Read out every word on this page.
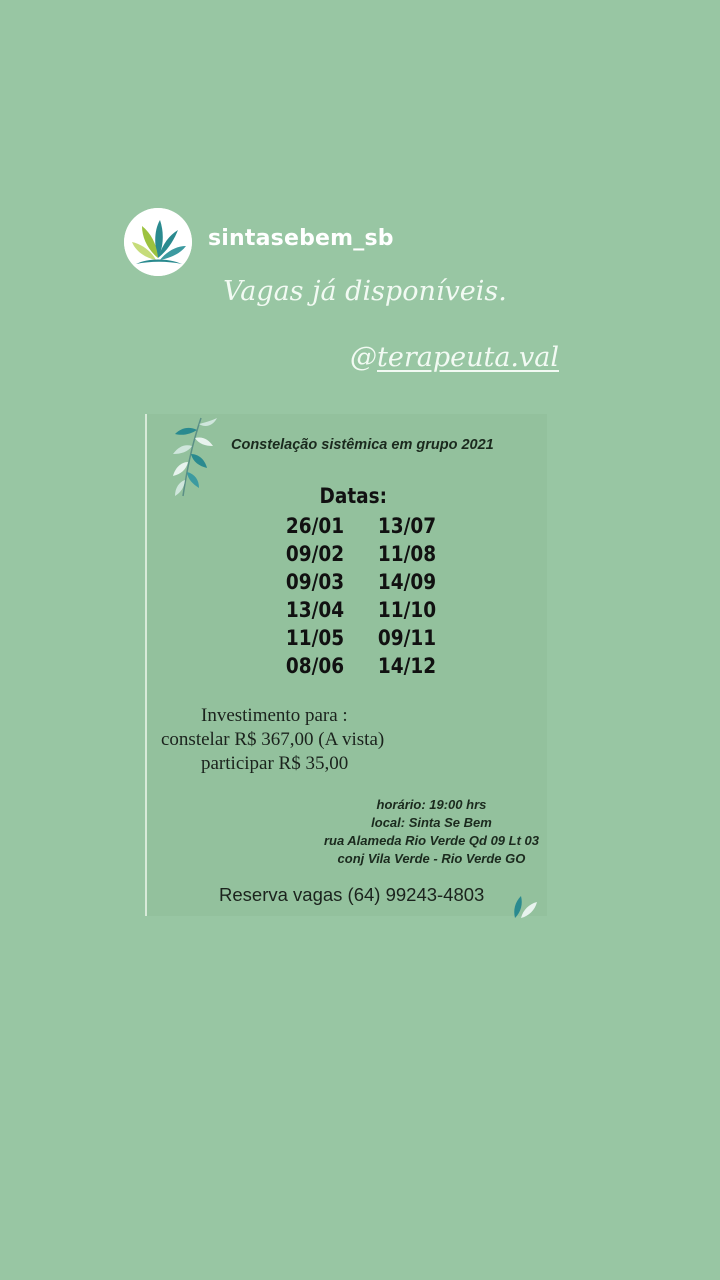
sintasebem_sb
Vagas já disponíveis.
@terapeuta.val
Constelação sistêmica em grupo 2021
Datas:
26/01	13/07
09/02	11/08
09/03	14/09
13/04	11/10
11/05	09/11
08/06	14/12
Investimento para :
constelar R$ 367,00 (A vista)
participar R$ 35,00
horário: 19:00 hrs
local: Sinta Se Bem
rua Alameda Rio Verde Qd 09 Lt 03
conj Vila Verde - Rio Verde GO
Reserva vagas (64) 99243-4803
